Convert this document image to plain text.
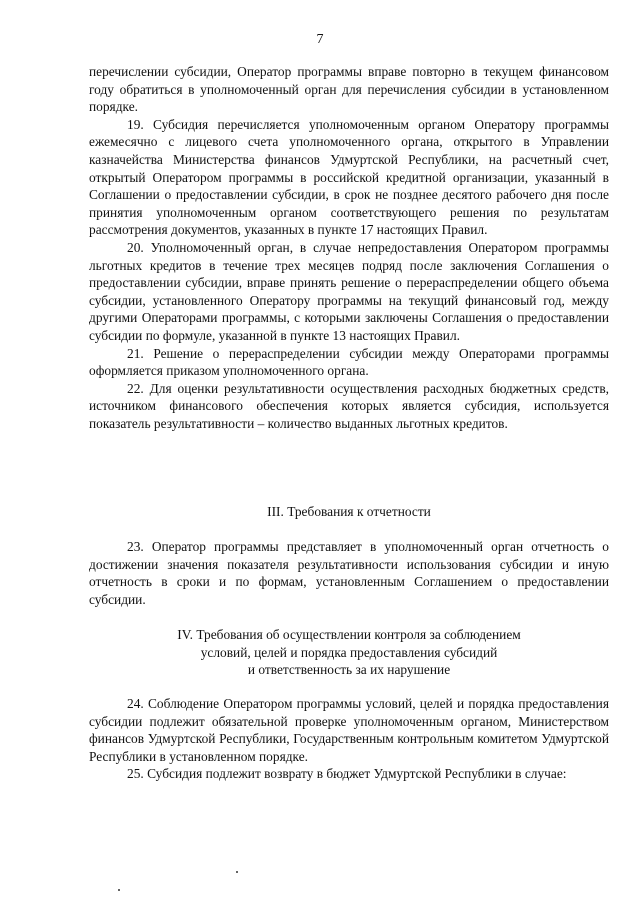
7

перечислении субсидии, Оператор программы вправе повторно в текущем финансовом году обратиться в уполномоченный орган для перечисления субсидии в установленном порядке.

19. Субсидия перечисляется уполномоченным органом Оператору программы ежемесячно с лицевого счета уполномоченного органа, открытого в Управлении казначейства Министерства финансов Удмуртской Республики, на расчетный счет, открытый Оператором программы в российской кредитной организации, указанный в Соглашении о предоставлении субсидии, в срок не позднее десятого рабочего дня после принятия уполномоченным органом соответствующего решения по результатам рассмотрения документов, указанных в пункте 17 настоящих Правил.

20. Уполномоченный орган, в случае непредоставления Оператором программы льготных кредитов в течение трех месяцев подряд после заключения Соглашения о предоставлении субсидии, вправе принять решение о перераспределении общего объема субсидии, установленного Оператору программы на текущий финансовый год, между другими Операторами программы, с которыми заключены Соглашения о предоставлении субсидии по формуле, указанной в пункте 13 настоящих Правил.

21. Решение о перераспределении субсидии между Операторами программы оформляется приказом уполномоченного органа.

22. Для оценки результативности осуществления расходных бюджетных средств, источником финансового обеспечения которых является субсидия, используется показатель результативности – количество выданных льготных кредитов.

III. Требования к отчетности

23. Оператор программы представляет в уполномоченный орган отчетность о достижении значения показателя результативности использования субсидии и иную отчетность в сроки и по формам, установленным Соглашением о предоставлении субсидии.

IV. Требования об осуществлении контроля за соблюдением

условий, целей и порядка предоставления субсидий

и ответственность за их нарушение

24. Соблюдение Оператором программы условий, целей и порядка предоставления субсидии подлежит обязательной проверке уполномоченным органом, Министерством финансов Удмуртской Республики, Государственным контрольным комитетом Удмуртской Республики в установленном порядке.

25. Субсидия подлежит возврату в бюджет Удмуртской Республики в случае:
